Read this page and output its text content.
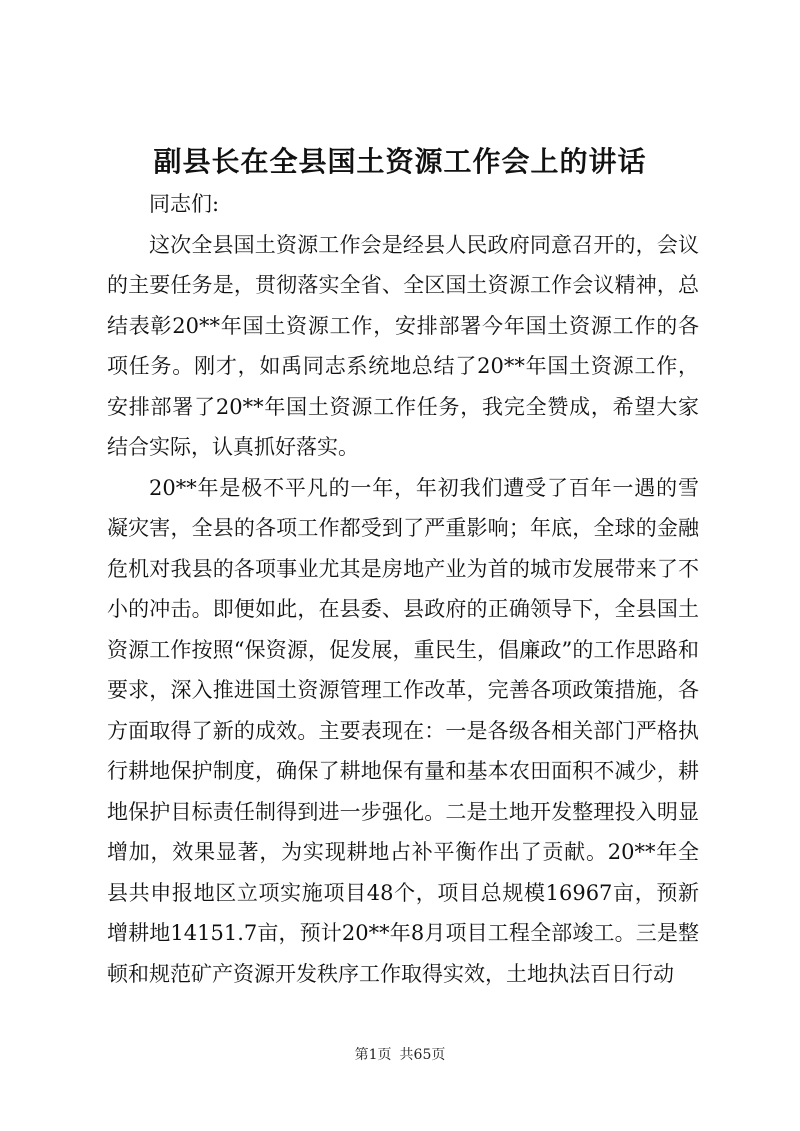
副县长在全县国土资源工作会上的讲话

同志们:

这次全县国土资源工作会是经县人民政府同意召开的，会议的主要任务是，贯彻落实全省、全区国土资源工作会议精神，总结表彰20**年国土资源工作，安排部署今年国土资源工作的各项任务。刚才，如禹同志系统地总结了20**年国土资源工作，安排部署了20**年国土资源工作任务，我完全赞成，希望大家结合实际，认真抓好落实。

20**年是极不平凡的一年，年初我们遭受了百年一遇的雪凝灾害，全县的各项工作都受到了严重影响；年底，全球的金融危机对我县的各项事业尤其是房地产业为首的城市发展带来了不小的冲击。即便如此，在县委、县政府的正确领导下，全县国土资源工作按照“保资源，促发展，重民生，倡廉政”的工作思路和要求，深入推进国土资源管理工作改革，完善各项政策措施，各方面取得了新的成效。主要表现在：一是各级各相关部门严格执行耕地保护制度，确保了耕地保有量和基本农田面积不减少，耕地保护目标责任制得到进一步强化。二是土地开发整理投入明显增加，效果显著，为实现耕地占补平衡作出了贡献。20**年全县共申报地区立项实施项目48个，项目总规模16967亩，预新增耕地14151.7亩，预计20**年8月项目工程全部竣工。三是整顿和规范矿产资源开发秩序工作取得实效，土地执法百日行动

第1页 共65页
